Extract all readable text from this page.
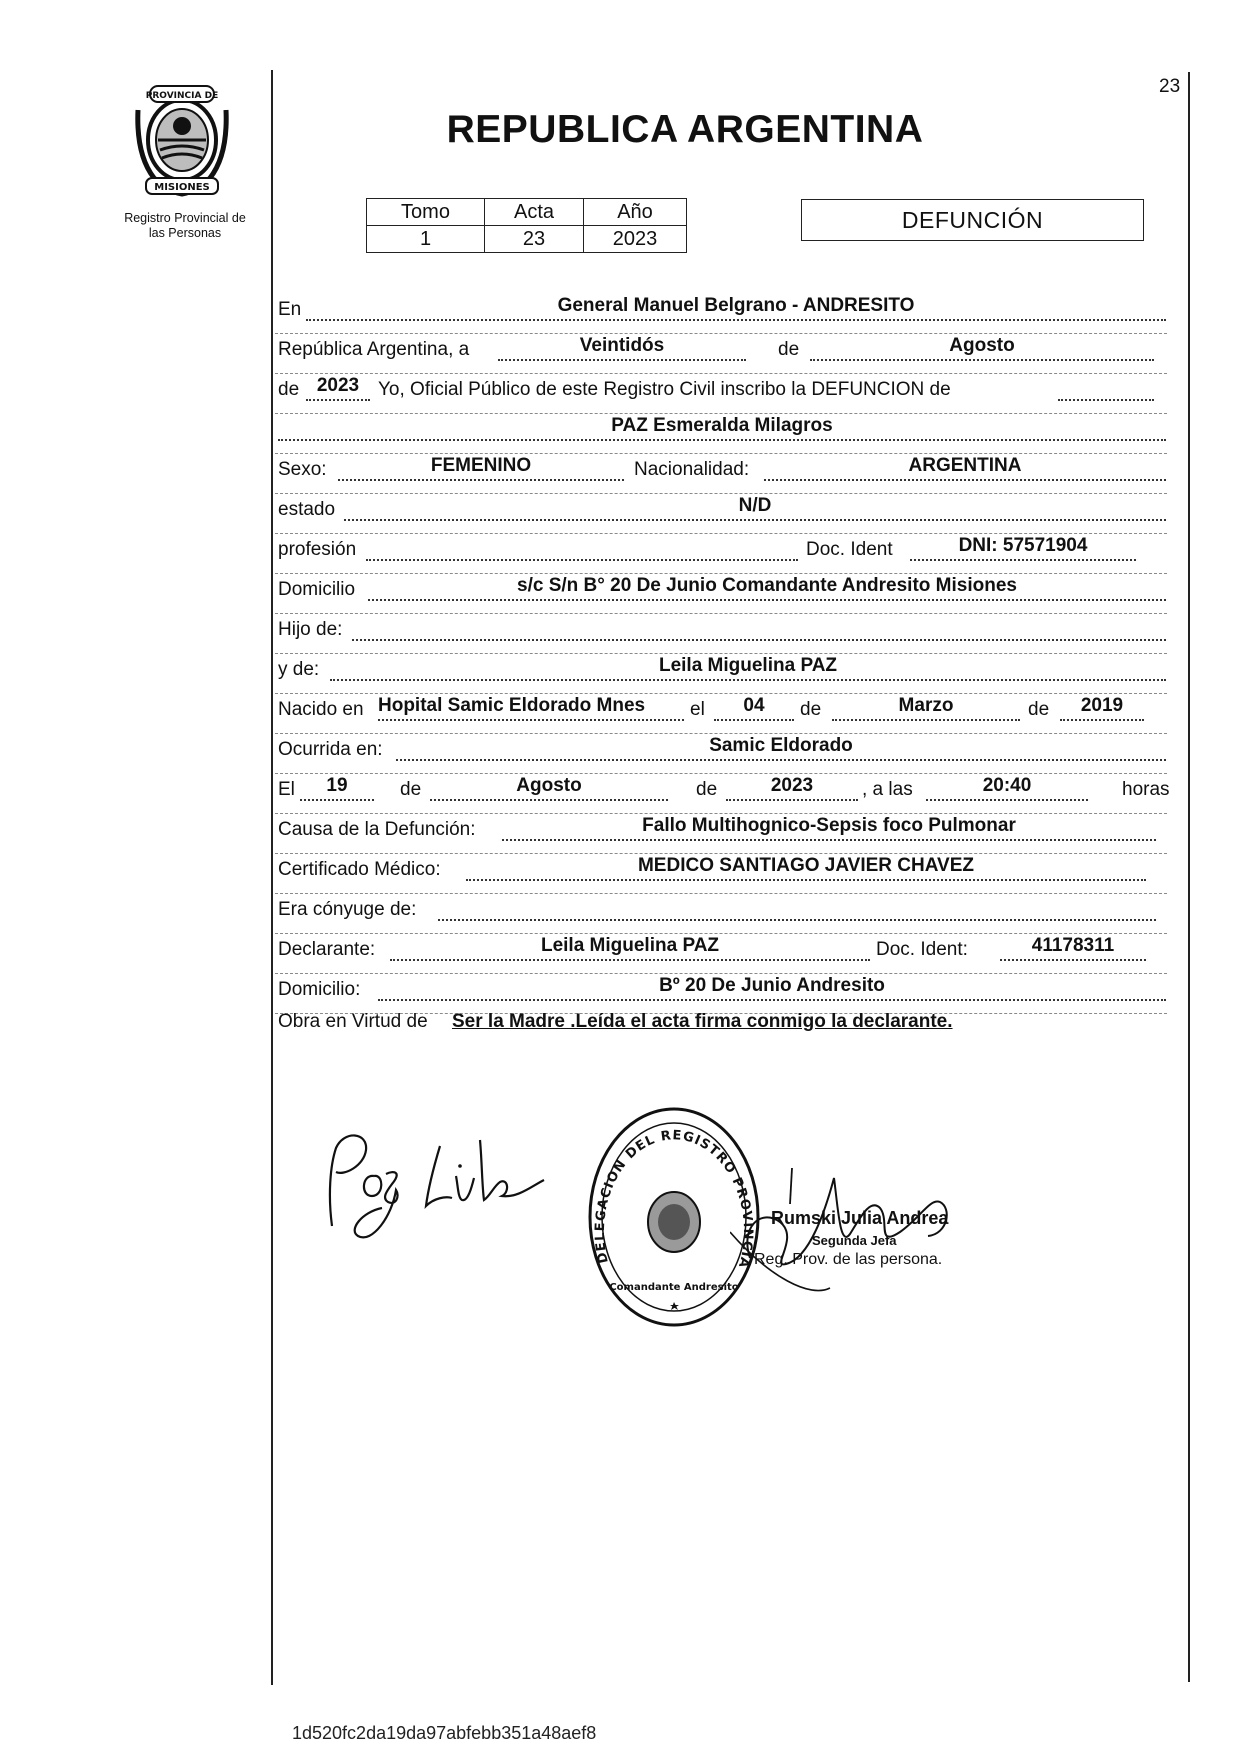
23
PROVINCIA DE
MISIONES
Registro Provincial de
las Personas
REPUBLICA ARGENTINA
Tomo	Acta	Año
1	23	2023
DEFUNCIÓN
En	General Manuel Belgrano - ANDRESITO
República Argentina, a	Veintidós	de	Agosto
de 2023 Yo, Oficial Público de este Registro Civil inscribo la DEFUNCION de
PAZ Esmeralda Milagros
Sexo:	FEMENINO	Nacionalidad:	ARGENTINA
estado	N/D
profesión	Doc. Ident	DNI: 57571904
Domicilio	s/c S/n B° 20 De Junio Comandante Andresito Misiones
Hijo de:
y de:	Leila Miguelina PAZ
Nacido en Hopital Samic Eldorado Mnes	el	04	de	Marzo	de	2019
Ocurrida en:	Samic Eldorado
El	19	de	Agosto	de	2023	, a las	20:40	horas
Causa de la Defunción:	Fallo Multihognico-Sepsis foco Pulmonar
Certificado Médico:	MEDICO SANTIAGO JAVIER CHAVEZ
Era cónyuge de:
Declarante:	Leila Miguelina PAZ	Doc. Ident:	41178311
Domicilio:	Bº 20 De Junio Andresito
Obra en Virtud de Ser la Madre .Leída el acta firma conmigo la declarante.
DELEGACION DEL REGISTRO PROVINCIA
Comandante Andresito
Rumski Julia Andrea
Segunda Jefa
Reg. Prov. de las persona.
1d520fc2da19da97abfebb351a48aef8
